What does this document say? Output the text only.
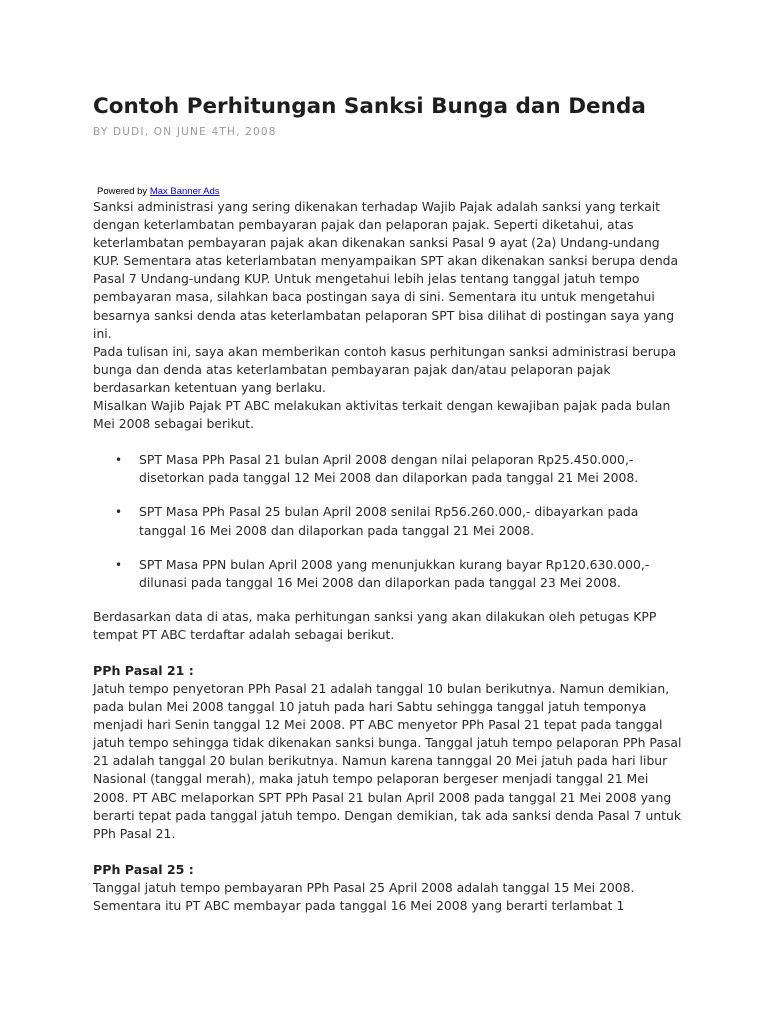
Contoh Perhitungan Sanksi Bunga dan Denda
BY DUDI, ON JUNE 4TH, 2008
Powered by Max Banner Ads

Sanksi administrasi yang sering dikenakan terhadap Wajib Pajak adalah sanksi yang terkait dengan keterlambatan pembayaran pajak dan pelaporan pajak. Seperti diketahui, atas keterlambatan pembayaran pajak akan dikenakan sanksi Pasal 9 ayat (2a) Undang-undang KUP. Sementara atas keterlambatan menyampaikan SPT akan dikenakan sanksi berupa denda Pasal 7 Undang-undang KUP. Untuk mengetahui lebih jelas tentang tanggal jatuh tempo pembayaran masa, silahkan baca postingan saya di sini. Sementara itu untuk mengetahui besarnya sanksi denda atas keterlambatan pelaporan SPT bisa dilihat di postingan saya yang ini.

Pada tulisan ini, saya akan memberikan contoh kasus perhitungan sanksi administrasi berupa bunga dan denda atas keterlambatan pembayaran pajak dan/atau pelaporan pajak berdasarkan ketentuan yang berlaku.

Misalkan Wajib Pajak PT ABC melakukan aktivitas terkait dengan kewajiban pajak pada bulan Mei 2008 sebagai berikut.

• SPT Masa PPh Pasal 21 bulan April 2008 dengan nilai pelaporan Rp25.450.000,- disetorkan pada tanggal 12 Mei 2008 dan dilaporkan pada tanggal 21 Mei 2008.
• SPT Masa PPh Pasal 25 bulan April 2008 senilai Rp56.260.000,- dibayarkan pada tanggal 16 Mei 2008 dan dilaporkan pada tanggal 21 Mei 2008.
• SPT Masa PPN bulan April 2008 yang menunjukkan kurang bayar Rp120.630.000,- dilunasi pada tanggal 16 Mei 2008 dan dilaporkan pada tanggal 23 Mei 2008.

Berdasarkan data di atas, maka perhitungan sanksi yang akan dilakukan oleh petugas KPP tempat PT ABC terdaftar adalah sebagai berikut.

PPh Pasal 21 :

Jatuh tempo penyetoran PPh Pasal 21 adalah tanggal 10 bulan berikutnya. Namun demikian, pada bulan Mei 2008 tanggal 10 jatuh pada hari Sabtu sehingga tanggal jatuh temponya menjadi hari Senin tanggal 12 Mei 2008. PT ABC menyetor PPh Pasal 21 tepat pada tanggal jatuh tempo sehingga tidak dikenakan sanksi bunga. Tanggal jatuh tempo pelaporan PPh Pasal 21 adalah tanggal 20 bulan berikutnya. Namun karena tannggal 20 Mei jatuh pada hari libur Nasional (tanggal merah), maka jatuh tempo pelaporan bergeser menjadi tanggal 21 Mei 2008. PT ABC melaporkan SPT PPh Pasal 21 bulan April 2008 pada tanggal 21 Mei 2008 yang berarti tepat pada tanggal jatuh tempo. Dengan demikian, tak ada sanksi denda Pasal 7 untuk PPh Pasal 21.

PPh Pasal 25 :

Tanggal jatuh tempo pembayaran PPh Pasal 25 April 2008 adalah tanggal 15 Mei 2008. Sementara itu PT ABC membayar pada tanggal 16 Mei 2008 yang berarti terlambat 1
